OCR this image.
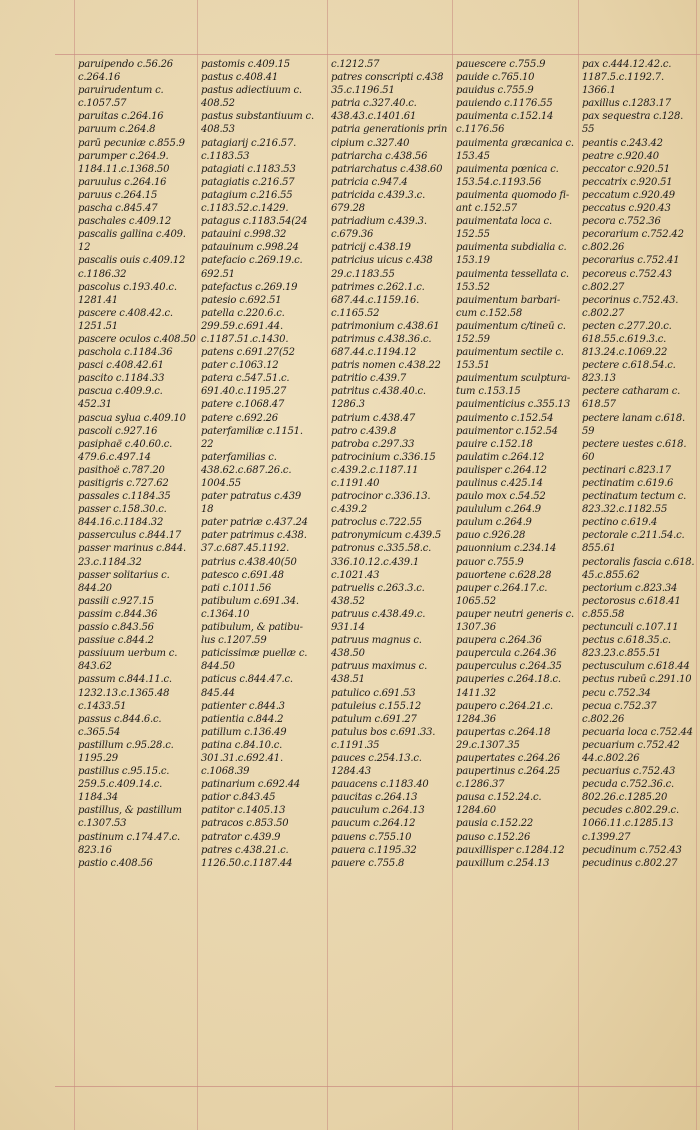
paruipendo c.56.26
c.264.16
paruirudentum c.
c.1057.57
paruitas c.264.16
paruum c.264.8
parū pecuniæ c.855.9
parumper c.264.9.
1184.11.c.1368.50
paruulus c.264.16
paruus c.264.15
pascha c.845.47
paschales c.409.12
pascalis gallina c.409.
12
pascalis ouis c.409.12
c.1186.32
pascolus c.193.40.c.
1281.41
pascere c.408.42.c.
1251.51
pascere oculos c.408.50
paschola c.1184.36
pasci c.408.42.61
pascito c.1184.33
pascua c.409.9.c.
452.31
pascua sylua c.409.10
pascoli c.927.16
pasiphaë c.40.60.c.
479.6.c.497.14
pasithoë c.787.20
pasitigris c.727.62
passales c.1184.35
passer c.158.30.c.
844.16.c.1184.32
passerculus c.844.17
passer marinus c.844.
23.c.1184.32
passer solitarius c.
844.20
passili c.927.15
passim c.844.36
passio c.843.56
passiue c.844.2
passiuum uerbum c.
843.62
passum c.844.11.c.
1232.13.c.1365.48
c.1433.51
passus c.844.6.c.
c.365.54
pastillum c.95.28.c.
1195.29
pastillus c.95.15.c.
259.5.c.409.14.c.
1184.34
pastillus, & pastillum
c.1307.53
pastinum c.174.47.c.
823.16
pastio c.408.56
pastomis c.409.15
pastus c.408.41
pastus adiectiuum c.
408.52
pastus substantiuum c.
408.53
patagiarij c.216.57.
c.1183.53
patagiati c.1183.53
patagiatis c.216.57
patagium c.216.55
c.1183.52.c.1429.
patagus c.1183.54(24
patauini c.998.32
patauinum c.998.24
patefacio c.269.19.c.
692.51
patefactus c.269.19
patesio c.692.51
patella c.220.6.c.
299.59.c.691.44.
c.1187.51.c.1430.
patens c.691.27(52
pater c.1063.12
patera c.547.51.c.
691.40.c.1195.27
patere c.1068.47
patere c.692.26
paterfamiliæ c.1151.
22
paterfamilias c.
438.62.c.687.26.c.
1004.55
pater patratus c.439
18
pater patriæ c.437.24
pater patrimus c.438.
37.c.687.45.1192.
patrius c.438.40(50
patesco c.691.48
pati c.1011.56
patibulum c.691.34.
c.1364.10
patibulum, & patibu-
lus c.1207.59
paticissimæ puellæ c.
844.50
paticus c.844.47.c.
845.44
patienter c.844.3
patientia c.844.2
patillum c.136.49
patina c.84.10.c.
301.31.c.692.41.
c.1068.39
patinarium c.692.44
patior c.843.45
patitor c.1405.13
patracos c.853.50
patrator c.439.9
patres c.438.21.c.
1126.50.c.1187.44
c.1212.57
patres conscripti c.438
35.c.1196.51
patria c.327.40.c.
438.43.c.1401.61
patria generationis prin
cipium c.327.40
patriarcha c.438.56
patriarchatus c.438.60
patricia c.947.4
patricida c.439.3.c.
679.28
patriadium c.439.3.
c.679.36
patricij c.438.19
patricius uicus c.438
29.c.1183.55
patrimes c.262.1.c.
687.44.c.1159.16.
c.1165.52
patrimonium c.438.61
patrimus c.438.36.c.
687.44.c.1194.12
patris nomen c.438.22
patritio c.439.7
patritus c.438.40.c.
1286.3
patrium c.438.47
patro c.439.8
patroba c.297.33
patrocinium c.336.15
c.439.2.c.1187.11
c.1191.40
patrocinor c.336.13.
c.439.2
patroclus c.722.55
patronymicum c.439.5
patronus c.335.58.c.
336.10.12.c.439.1
c.1021.43
patruelis c.263.3.c.
438.52
patruus c.438.49.c.
931.14
patruus magnus c.
438.50
patruus maximus c.
438.51
patulico c.691.53
patuleius c.155.12
patulum c.691.27
patulus bos c.691.33.
c.1191.35
pauces c.254.13.c.
1284.43
pauacens c.1183.40
paucitas c.264.13
pauculum c.264.13
paucum c.264.12
pauens c.755.10
pauera c.1195.32
pauere c.755.8
pauescere c.755.9
pauide c.765.10
pauidus c.755.9
pauiendo c.1176.55
pauimenta c.152.14
c.1176.56
pauimenta græcanica c.
153.45
pauimenta pœnica c.
153.54.c.1193.56
pauimenta quomodo fi-
ant c.152.57
pauimentata loca c.
152.55
pauimenta subdialia c.
153.19
pauimenta tessellata c.
153.52
pauimentum barbari-
cum c.152.58
pauimentum c/tineū c.
152.59
pauimentum sectile c.
153.51
pauimentum sculptura-
tum c.153.15
pauimenticius c.355.13
pauimento c.152.54
pauimentor c.152.54
pauire c.152.18
paulatim c.264.12
paulisper c.264.12
paulinus c.425.14
paulo mox c.54.52
paululum c.264.9
paulum c.264.9
pauo c.926.28
pauonnium c.234.14
pauor c.755.9
pauortene c.628.28
pauper c.264.17.c.
1065.52
pauper neutri generis c.
1307.36
paupera c.264.36
paupercula c.264.36
pauperculus c.264.35
pauperies c.264.18.c.
1411.32
paupero c.264.21.c.
1284.36
paupertas c.264.18
29.c.1307.35
paupertates c.264.26
paupertinus c.264.25
c.1286.37
pausa c.152.24.c.
1284.60
pausia c.152.22
pauso c.152.26
pauxillisper c.1284.12
pauxillum c.254.13
pax c.444.12.42.c.
1187.5.c.1192.7.
1366.1
paxillus c.1283.17
pax sequestra c.128.
55
peantis c.243.42
peatre c.920.40
peccator c.920.51
peccatrix c.920.51
peccatum c.920.49
peccatus c.920.43
pecora c.752.36
pecorarium c.752.42
c.802.26
pecorarius c.752.41
pecoreus c.752.43
c.802.27
pecorinus c.752.43.
c.802.27
pecten c.277.20.c.
618.55.c.619.3.c.
813.24.c.1069.22
pectere c.618.54.c.
823.13
pectere catharam c.
618.57
pectere lanam c.618.
59
pectere uestes c.618.
60
pectinari c.823.17
pectinatim c.619.6
pectinatum tectum c.
823.32.c.1182.55
pectino c.619.4
pectorale c.211.54.c.
855.61
pectoralis fascia c.618.
45.c.855.62
pectorium c.823.34
pectorosus c.618.41
c.855.58
pectunculi c.107.11
pectus c.618.35.c.
823.23.c.855.51
pectusculum c.618.44
pectus rubeū c.291.10
pecu c.752.34
pecua c.752.37
c.802.26
pecuaria loca c.752.44
pecuarium c.752.42
44.c.802.26
pecuarius c.752.43
pecuda c.752.36.c.
802.26.c.1285.20
pecudes c.802.29.c.
1066.11.c.1285.13
c.1399.27
pecudinum c.752.43
pecudinus c.802.27
